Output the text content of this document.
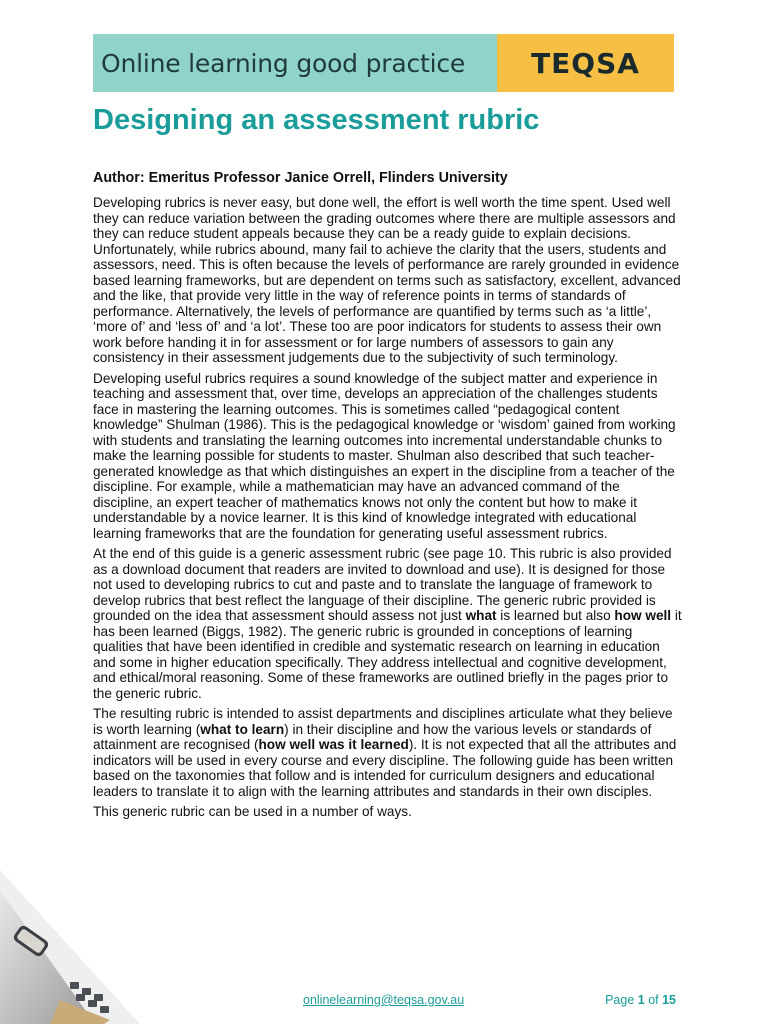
Online learning good practice TEQSA
Designing an assessment rubric

Author: Emeritus Professor Janice Orrell, Flinders University

Developing rubrics is never easy, but done well, the effort is well worth the time spent. Used well they can reduce variation between the grading outcomes where there are multiple assessors and they can reduce student appeals because they can be a ready guide to explain decisions. Unfortunately, while rubrics abound, many fail to achieve the clarity that the users, students and assessors, need. This is often because the levels of performance are rarely grounded in evidence based learning frameworks, but are dependent on terms such as satisfactory, excellent, advanced and the like, that provide very little in the way of reference points in terms of standards of performance. Alternatively, the levels of performance are quantified by terms such as ‘a little’, ‘more of’ and ‘less of’ and ‘a lot’. These too are poor indicators for students to assess their own work before handing it in for assessment or for large numbers of assessors to gain any consistency in their assessment judgements due to the subjectivity of such terminology.

Developing useful rubrics requires a sound knowledge of the subject matter and experience in teaching and assessment that, over time, develops an appreciation of the challenges students face in mastering the learning outcomes. This is sometimes called “pedagogical content knowledge” Shulman (1986). This is the pedagogical knowledge or ‘wisdom’ gained from working with students and translating the learning outcomes into incremental understandable chunks to make the learning possible for students to master. Shulman also described that such teacher-generated knowledge as that which distinguishes an expert in the discipline from a teacher of the discipline. For example, while a mathematician may have an advanced command of the discipline, an expert teacher of mathematics knows not only the content but how to make it understandable by a novice learner. It is this kind of knowledge integrated with educational learning frameworks that are the foundation for generating useful assessment rubrics.

At the end of this guide is a generic assessment rubric (see page 10. This rubric is also provided as a download document that readers are invited to download and use). It is designed for those not used to developing rubrics to cut and paste and to translate the language of framework to develop rubrics that best reflect the language of their discipline. The generic rubric provided is grounded on the idea that assessment should assess not just what is learned but also how well it has been learned (Biggs, 1982). The generic rubric is grounded in conceptions of learning qualities that have been identified in credible and systematic research on learning in education and some in higher education specifically. They address intellectual and cognitive development, and ethical/moral reasoning. Some of these frameworks are outlined briefly in the pages prior to the generic rubric.

The resulting rubric is intended to assist departments and disciplines articulate what they believe is worth learning (what to learn) in their discipline and how the various levels or standards of attainment are recognised (how well was it learned). It is not expected that all the attributes and indicators will be used in every course and every discipline. The following guide has been written based on the taxonomies that follow and is intended for curriculum designers and educational leaders to translate it to align with the learning attributes and standards in their own disciples.

This generic rubric can be used in a number of ways.

onlinelearning@teqsa.gov.au	Page 1 of 15
